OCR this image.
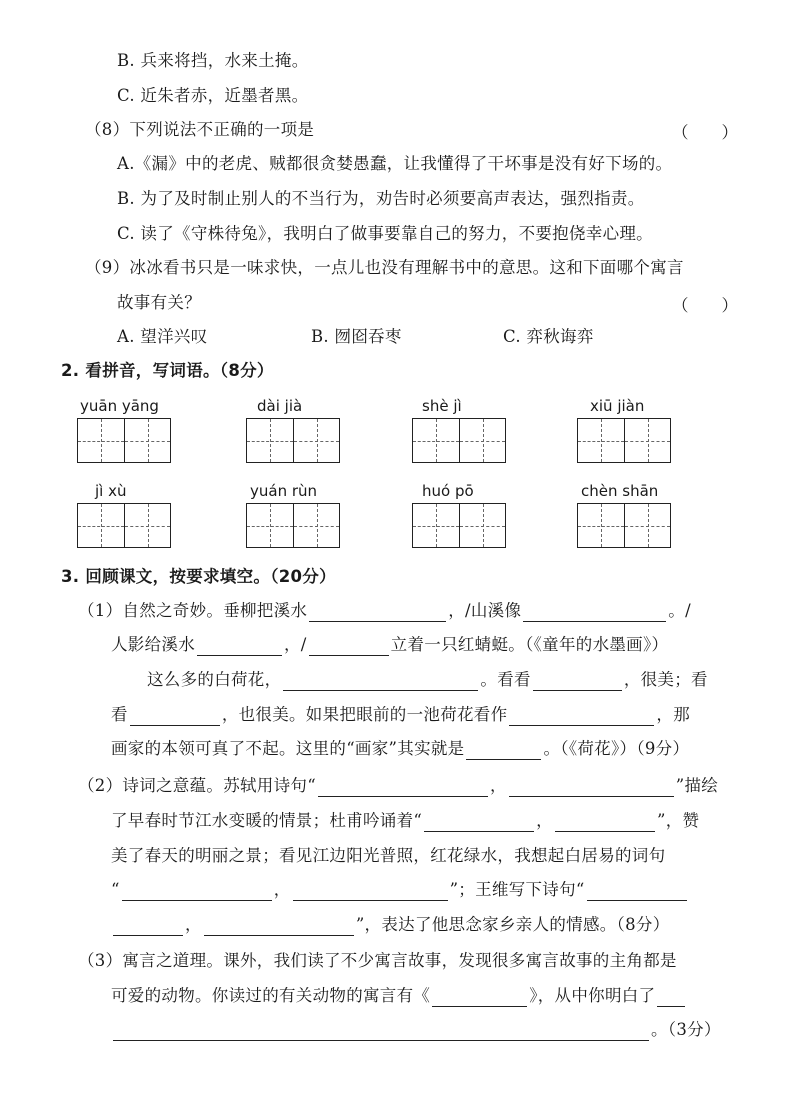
B. 兵来将挡，水来土掩。
C. 近朱者赤，近墨者黑。
（8）下列说法不正确的一项是	（　　）
A.《漏》中的老虎、贼都很贪婪愚蠢，让我懂得了干坏事是没有好下场的。
B. 为了及时制止别人的不当行为，劝告时必须要高声表达，强烈指责。
C. 读了《守株待兔》，我明白了做事要靠自己的努力，不要抱侥幸心理。
（9）冰冰看书只是一味求快，一点儿也没有理解书中的意思。这和下面哪个寓言
故事有关？	（　　）
A. 望洋兴叹	B. 囫囵吞枣	C. 弈秋诲弈
2. 看拼音，写词语。（8分）
yuān yāng	dài jià	shè jì	xiū jiàn
jì xù	yuán rùn	huó pō	chèn shān
3. 回顾课文，按要求填空。（20分）
（1）自然之奇妙。垂柳把溪水	，/山溪像	。/
人影给溪水	，/	立着一只红蜻蜓。（《童年的水墨画》）
这么多的白荷花，	。看看	，很美；看
看	，也很美。如果把眼前的一池荷花看作	，那
画家的本领可真了不起。这里的“画家”其实就是	。（《荷花》）（9分）
（2）诗词之意蕴。苏轼用诗句“	，	”描绘
了早春时节江水变暖的情景；杜甫吟诵着“	，	”，赞
美了春天的明丽之景；看见江边阳光普照，红花绿水，我想起白居易的词句
“	，	”；王维写下诗句“
，	”，表达了他思念家乡亲人的情感。（8分）
（3）寓言之道理。课外，我们读了不少寓言故事，发现很多寓言故事的主角都是
可爱的动物。你读过的有关动物的寓言有《	》，从中你明白了
。（3分）
